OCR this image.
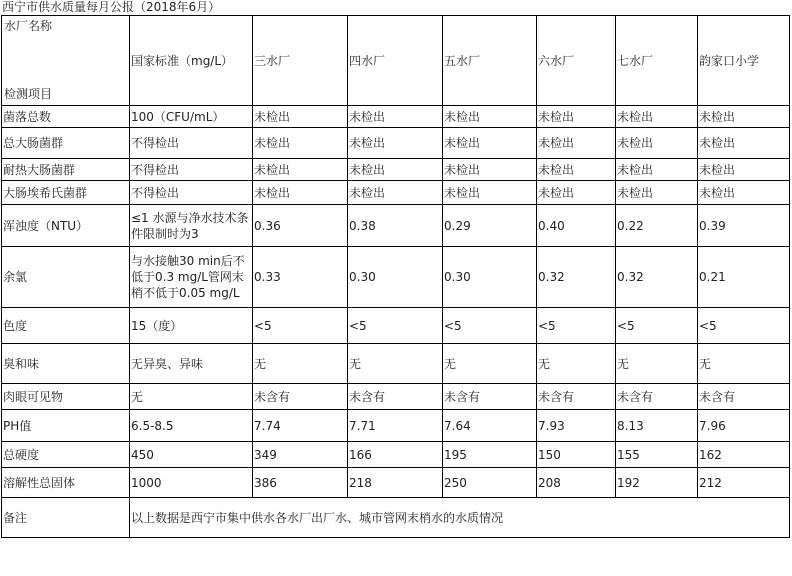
西宁市供水质量每月公报（2018年6月）
水厂名称
检测项目	国家标准（mg/L）	三水厂	四水厂	五水厂	六水厂	七水厂	韵家口小学
菌落总数	100（CFU/mL）	未检出	未检出	未检出	未检出	未检出	未检出
总大肠菌群	不得检出	未检出	未检出	未检出	未检出	未检出	未检出
耐热大肠菌群	不得检出	未检出	未检出	未检出	未检出	未检出	未检出
大肠埃希氏菌群	不得检出	未检出	未检出	未检出	未检出	未检出	未检出
浑浊度（NTU）	≤1 水源与净水技术条件限制时为3	0.36	0.38	0.29	0.40	0.22	0.39
余氯	与水接触30 min后不低于0.3 mg/L管网末梢不低于0.05 mg/L	0.33	0.30	0.30	0.32	0.32	0.21
色度	15（度）	<5	<5	<5	<5	<5	<5
臭和味	无异臭、异味	无	无	无	无	无	无
肉眼可见物	无	未含有	未含有	未含有	未含有	未含有	未含有
PH值	6.5-8.5	7.74	7.71	7.64	7.93	8.13	7.96
总硬度	450	349	166	195	150	155	162
溶解性总固体	1000	386	218	250	208	192	212
备注	以上数据是西宁市集中供水各水厂出厂水、城市管网末梢水的水质情况						
